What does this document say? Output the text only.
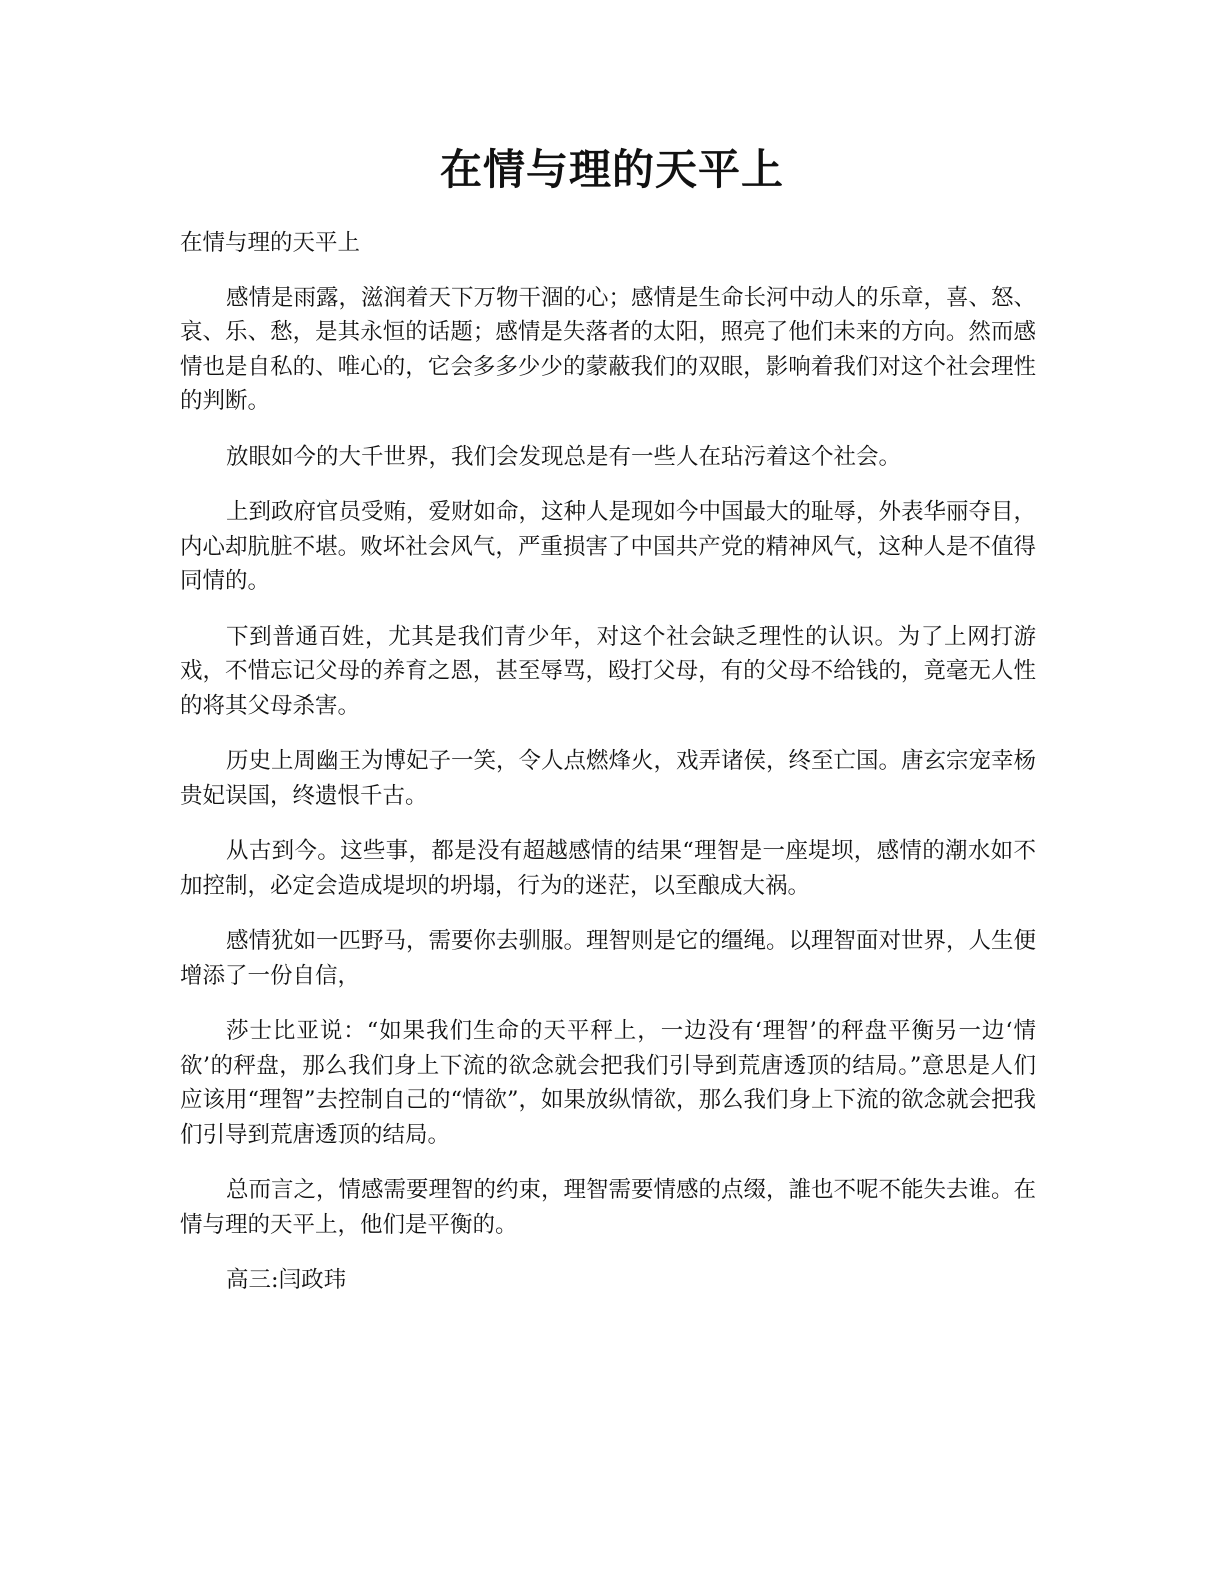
在情与理的天平上

在情与理的天平上

感情是雨露，滋润着天下万物干涸的心；感情是生命长河中动人的乐章，喜、怒、哀、乐、愁，是其永恒的话题；感情是失落者的太阳，照亮了他们未来的方向。然而感情也是自私的、唯心的，它会多多少少的蒙蔽我们的双眼，影响着我们对这个社会理性的判断。

放眼如今的大千世界，我们会发现总是有一些人在玷污着这个社会。

上到政府官员受贿，爱财如命，这种人是现如今中国最大的耻辱，外表华丽夺目，内心却肮脏不堪。败坏社会风气，严重损害了中国共产党的精神风气，这种人是不值得同情的。

下到普通百姓，尤其是我们青少年，对这个社会缺乏理性的认识。为了上网打游戏，不惜忘记父母的养育之恩，甚至辱骂，殴打父母，有的父母不给钱的，竟毫无人性的将其父母杀害。

历史上周幽王为博妃子一笑，令人点燃烽火，戏弄诸侯，终至亡国。唐玄宗宠幸杨贵妃误国，终遗恨千古。

从古到今。这些事，都是没有超越感情的结果“理智是一座堤坝，感情的潮水如不加控制，必定会造成堤坝的坍塌，行为的迷茫，以至酿成大祸。

感情犹如一匹野马，需要你去驯服。理智则是它的缰绳。以理智面对世界，人生便增添了一份自信，

莎士比亚说：“如果我们生命的天平秤上，一边没有‘理智’的秤盘平衡另一边‘情欲’的秤盘，那么我们身上下流的欲念就会把我们引导到荒唐透顶的结局。”意思是人们应该用“理智”去控制自己的“情欲”，如果放纵情欲，那么我们身上下流的欲念就会把我们引导到荒唐透顶的结局。

总而言之，情感需要理智的约束，理智需要情感的点缀，誰也不呢不能失去谁。在情与理的天平上，他们是平衡的。

高三:闫政玮
